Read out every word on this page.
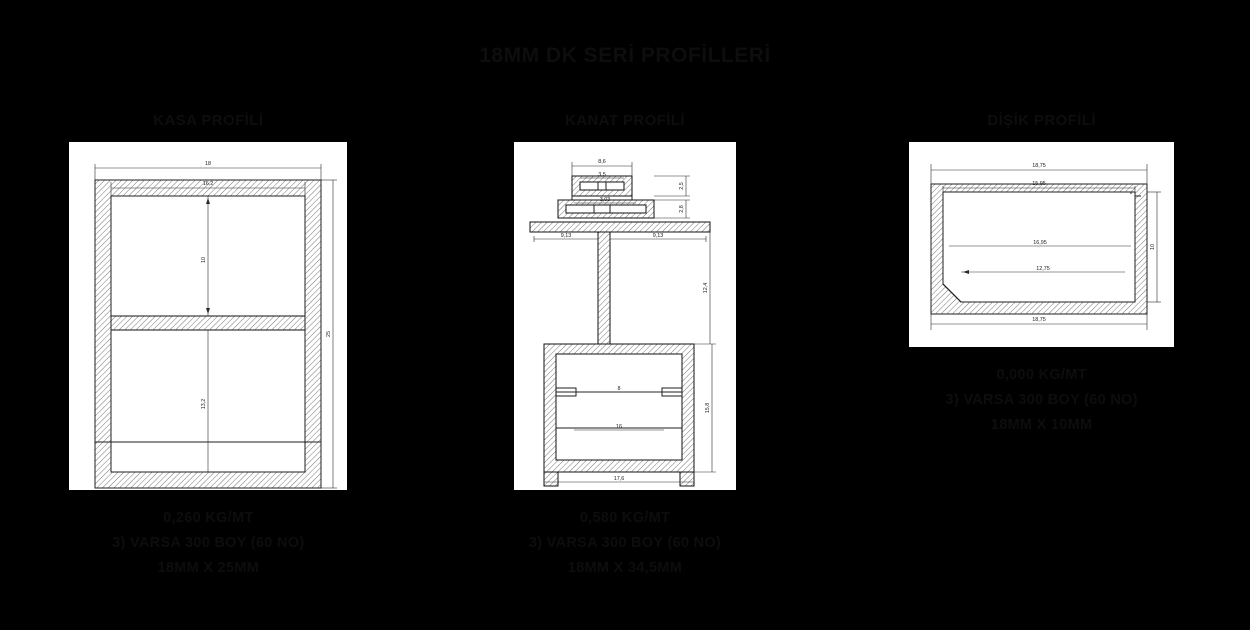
18MM DK SERİ PROFİLLERİ
KASA PROFİLİ
18
16,2
10
13,2
25
0,260 KG/MT
3) VARSA 300 BOY (60 NO)
18MM X 25MM
KANAT PROFİLİ
8,6
3,5
3,03
2,5
2,8
9,13	9,13
12,4
8
16
15,8
17,6
0,580 KG/MT
3) VARSA 300 BOY (60 NO)
18MM X 34,5MM
DİŞİK PROFİLİ
18,75
15,95
16,95
12,75
18,75
10
0,000 KG/MT
3) VARSA 300 BOY (60 NO)
18MM X 10MM
